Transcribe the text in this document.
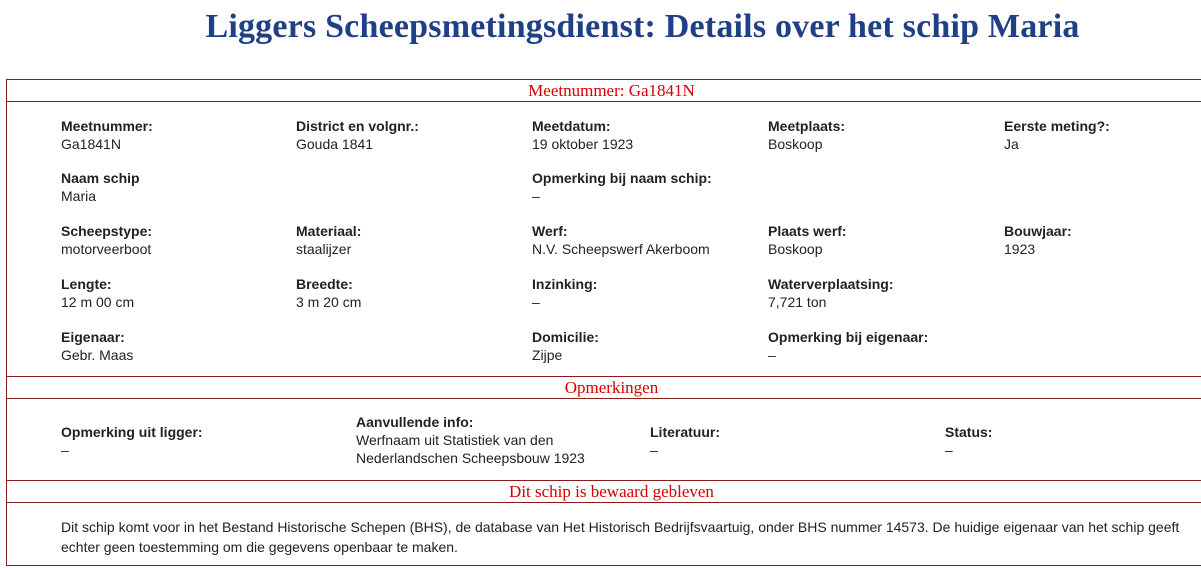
Liggers Scheepsmetingsdienst: Details over het schip Maria
Meetnummer: Ga1841N
Meetnummer:
Ga1841N
District en volgnr.:
Gouda 1841
Meetdatum:
19 oktober 1923
Meetplaats:
Boskoop
Eerste meting?:
Ja
Naam schip
Maria
Opmerking bij naam schip:
–
Scheepstype:
motorveerboot
Materiaal:
staalijzer
Werf:
N.V. Scheepswerf Akerboom
Plaats werf:
Boskoop
Bouwjaar:
1923
Lengte:
12 m 00 cm
Breedte:
3 m 20 cm
Inzinking:
–
Waterverplaatsing:
7,721 ton
Eigenaar:
Gebr. Maas
Domicilie:
Zijpe
Opmerking bij eigenaar:
–
Opmerkingen
Opmerking uit ligger:
–
Aanvullende info:
Werfnaam uit Statistiek van den Nederlandschen Scheepsbouw 1923
Literatuur:
–
Status:
–
Dit schip is bewaard gebleven
Dit schip komt voor in het Bestand Historische Schepen (BHS), de database van Het Historisch Bedrijfsvaartuig, onder BHS nummer 14573. De huidige eigenaar van het schip geeft echter geen toestemming om die gegevens openbaar te maken.
